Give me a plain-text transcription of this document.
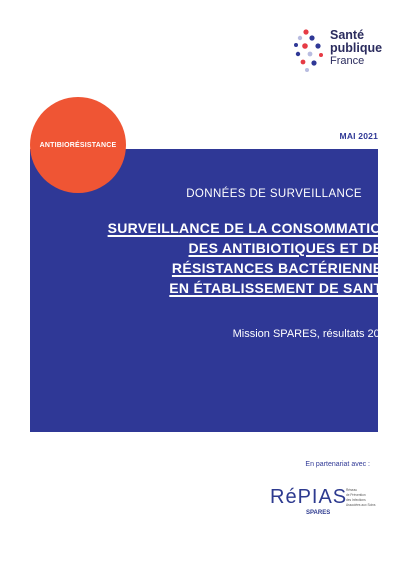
Santé
publique
France
MAI 2021
ANTIBIORÉSISTANCE
DONNÉES DE SURVEILLANCE
SURVEILLANCE DE LA CONSOMMATION
DES ANTIBIOTIQUES ET DES
RÉSISTANCES BACTÉRIENNES
EN ÉTABLISSEMENT DE SANTÉ
Mission SPARES, résultats 2019
En partenariat avec :
RéPIAS
SPARES
Réseau
de Prévention
des Infections
Associées aux Soins
